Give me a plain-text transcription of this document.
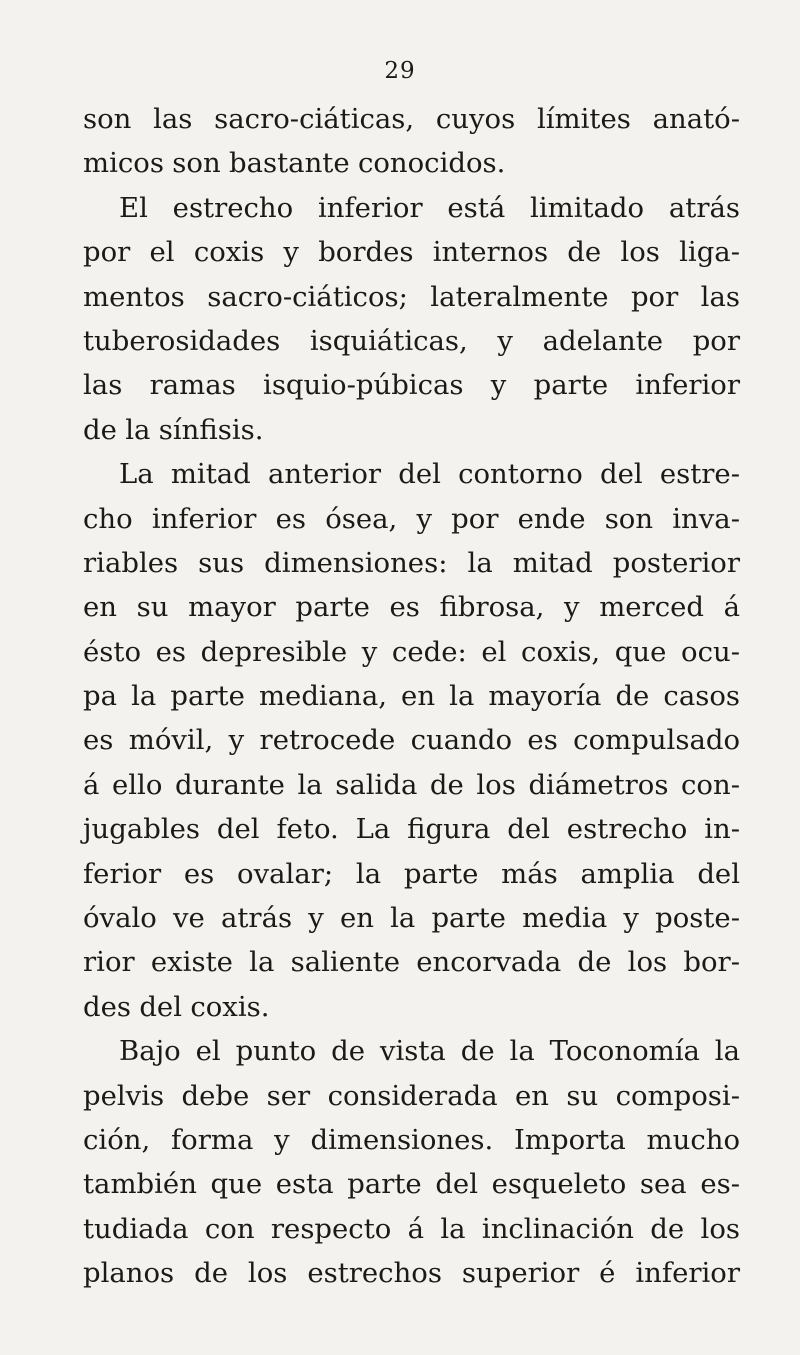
29
son las sacro-ciáticas, cuyos límites anató-
micos son bastante conocidos.
El estrecho inferior está limitado atrás
por el coxis y bordes internos de los liga-
mentos sacro-ciáticos; lateralmente por las
tuberosidades isquiáticas, y adelante por
las ramas isquio-púbicas y parte inferior
de la sínfisis.
La mitad anterior del contorno del estre-
cho inferior es ósea, y por ende son inva-
riables sus dimensiones: la mitad posterior
en su mayor parte es fibrosa, y merced á
ésto es depresible y cede: el coxis, que ocu-
pa la parte mediana, en la mayoría de casos
es móvil, y retrocede cuando es compulsado
á ello durante la salida de los diámetros con-
jugables del feto. La figura del estrecho in-
ferior es ovalar; la parte más amplia del
óvalo ve atrás y en la parte media y poste-
rior existe la saliente encorvada de los bor-
des del coxis.
Bajo el punto de vista de la Toconomía la
pelvis debe ser considerada en su composi-
ción, forma y dimensiones. Importa mucho
también que esta parte del esqueleto sea es-
tudiada con respecto á la inclinación de los
planos de los estrechos superior é inferior
